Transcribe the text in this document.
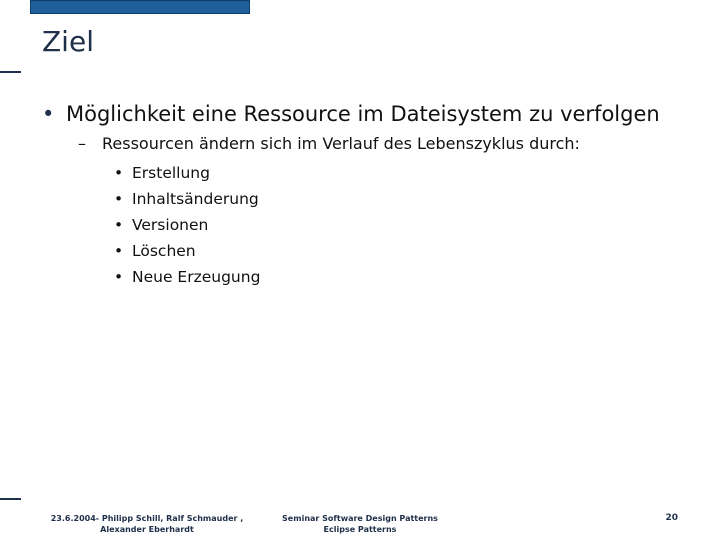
Ziel
• Möglichkeit eine Ressource im Dateisystem zu verfolgen
– Ressourcen ändern sich im Verlauf des Lebenszyklus durch:
• Erstellung
• Inhaltsänderung
• Versionen
• Löschen
• Neue Erzeugung
23.6.2004- Philipp Schill, Ralf Schmauder ,
Alexander Eberhardt
Seminar Software Design Patterns
Eclipse Patterns
20
